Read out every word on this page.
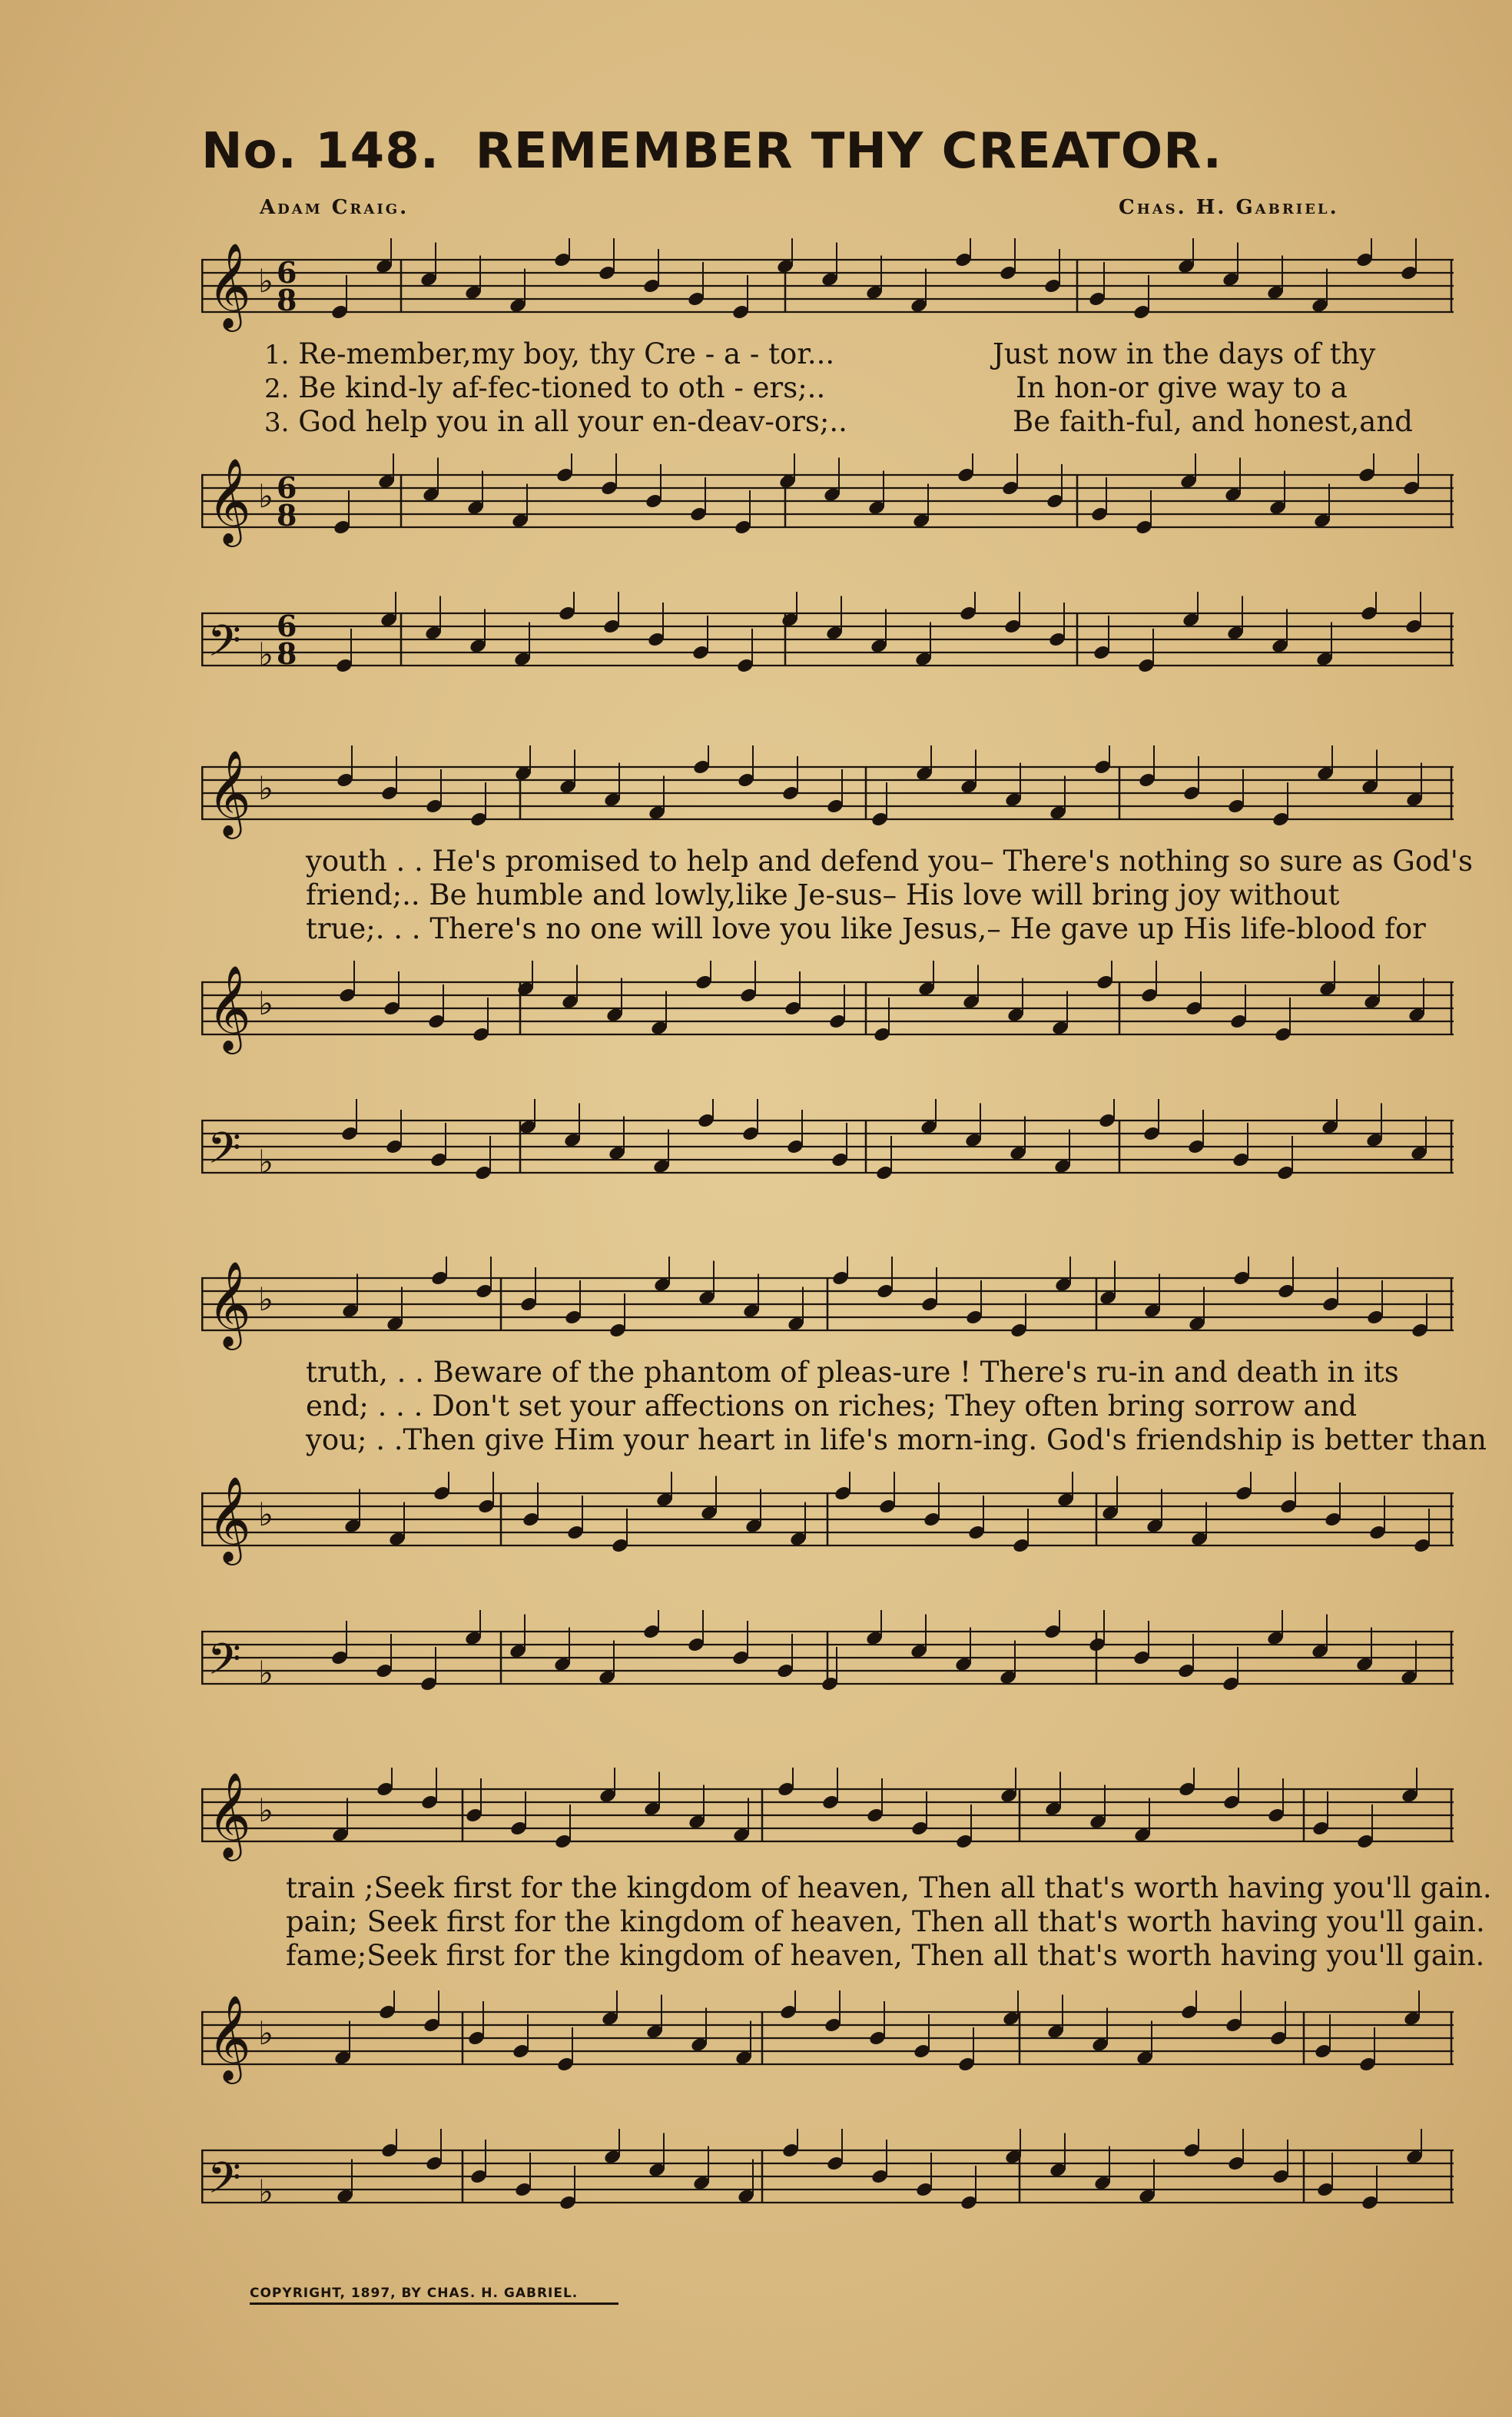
No. 148. REMEMBER THY CREATOR.
Adam Craig.	Chas. H. Gabriel.
𝄞 ♭ 6
8
1. Re-member,my boy, thy Cre - a - tor...	Just now in the days of thy
2. Be kind-ly af-fec-tioned to oth - ers;..	In hon-or give way to a
3. God help you in all your en-deav-ors;..	Be faith-ful, and honest,and
𝄞 ♭ 6
8
𝄢 ♭
6
8
𝄞 ♭
youth . . He's promised to help and defend you– There's nothing so sure as God's
friend;.. Be humble and lowly,like Je-sus– His love will bring joy without
true;. . . There's no one will love you like Jesus,– He gave up His life-blood for
𝄞 ♭
𝄢 ♭
𝄞 ♭
truth, . . Beware of the phantom of pleas-ure ! There's ru-in and death in its
end; . . . Don't set your affections on riches; They often bring sorrow and
you; . .Then give Him your heart in life's morn-ing. God's friendship is better than
𝄞 ♭
𝄢 ♭
𝄞 ♭
train ;Seek first for the kingdom of heaven, Then all that's worth having you'll gain.
pain; Seek first for the kingdom of heaven, Then all that's worth having you'll gain.
fame;Seek first for the kingdom of heaven, Then all that's worth having you'll gain.
𝄞 ♭
𝄢 ♭
COPYRIGHT, 1897, BY CHAS. H. GABRIEL.
